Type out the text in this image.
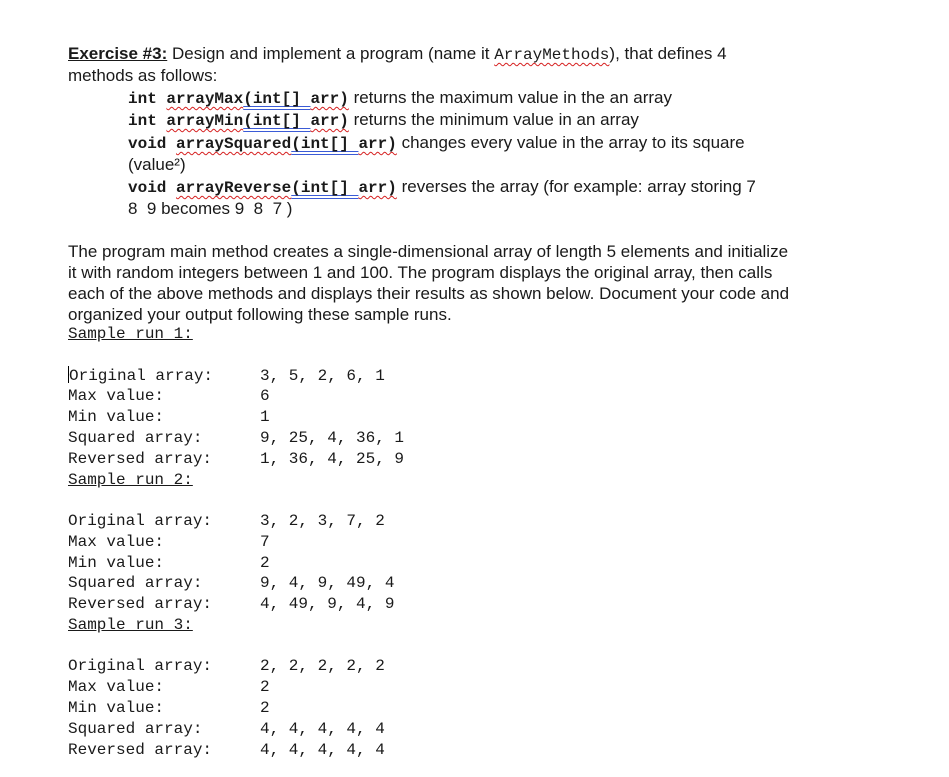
Exercise #3: Design and implement a program (name it ArrayMethods), that defines 4
methods as follows:
int arrayMax(int[] arr) returns the maximum value in the an array
int arrayMin(int[] arr) returns the minimum value in an array
void arraySquared(int[] arr) changes every value in the array to its square
(value²)
void arrayReverse(int[] arr) reverses the array (for example: array storing 7
8  9 becomes 9  8  7 )
The program main method creates a single-dimensional array of length 5 elements and initialize
it with random integers between 1 and 100. The program displays the original array, then calls
each of the above methods and displays their results as shown below. Document your code and
organized your output following these sample runs.
Sample run 1:
Original array:	3, 5, 2, 6, 1
Max value:	6
Min value:	1
Squared array:	9, 25, 4, 36, 1
Reversed array:	1, 36, 4, 25, 9
Sample run 2:
Original array:	3, 2, 3, 7, 2
Max value:	7
Min value:	2
Squared array:	9, 4, 9, 49, 4
Reversed array:	4, 49, 9, 4, 9
Sample run 3:
Original array:	2, 2, 2, 2, 2
Max value:	2
Min value:	2
Squared array:	4, 4, 4, 4, 4
Reversed array:	4, 4, 4, 4, 4
